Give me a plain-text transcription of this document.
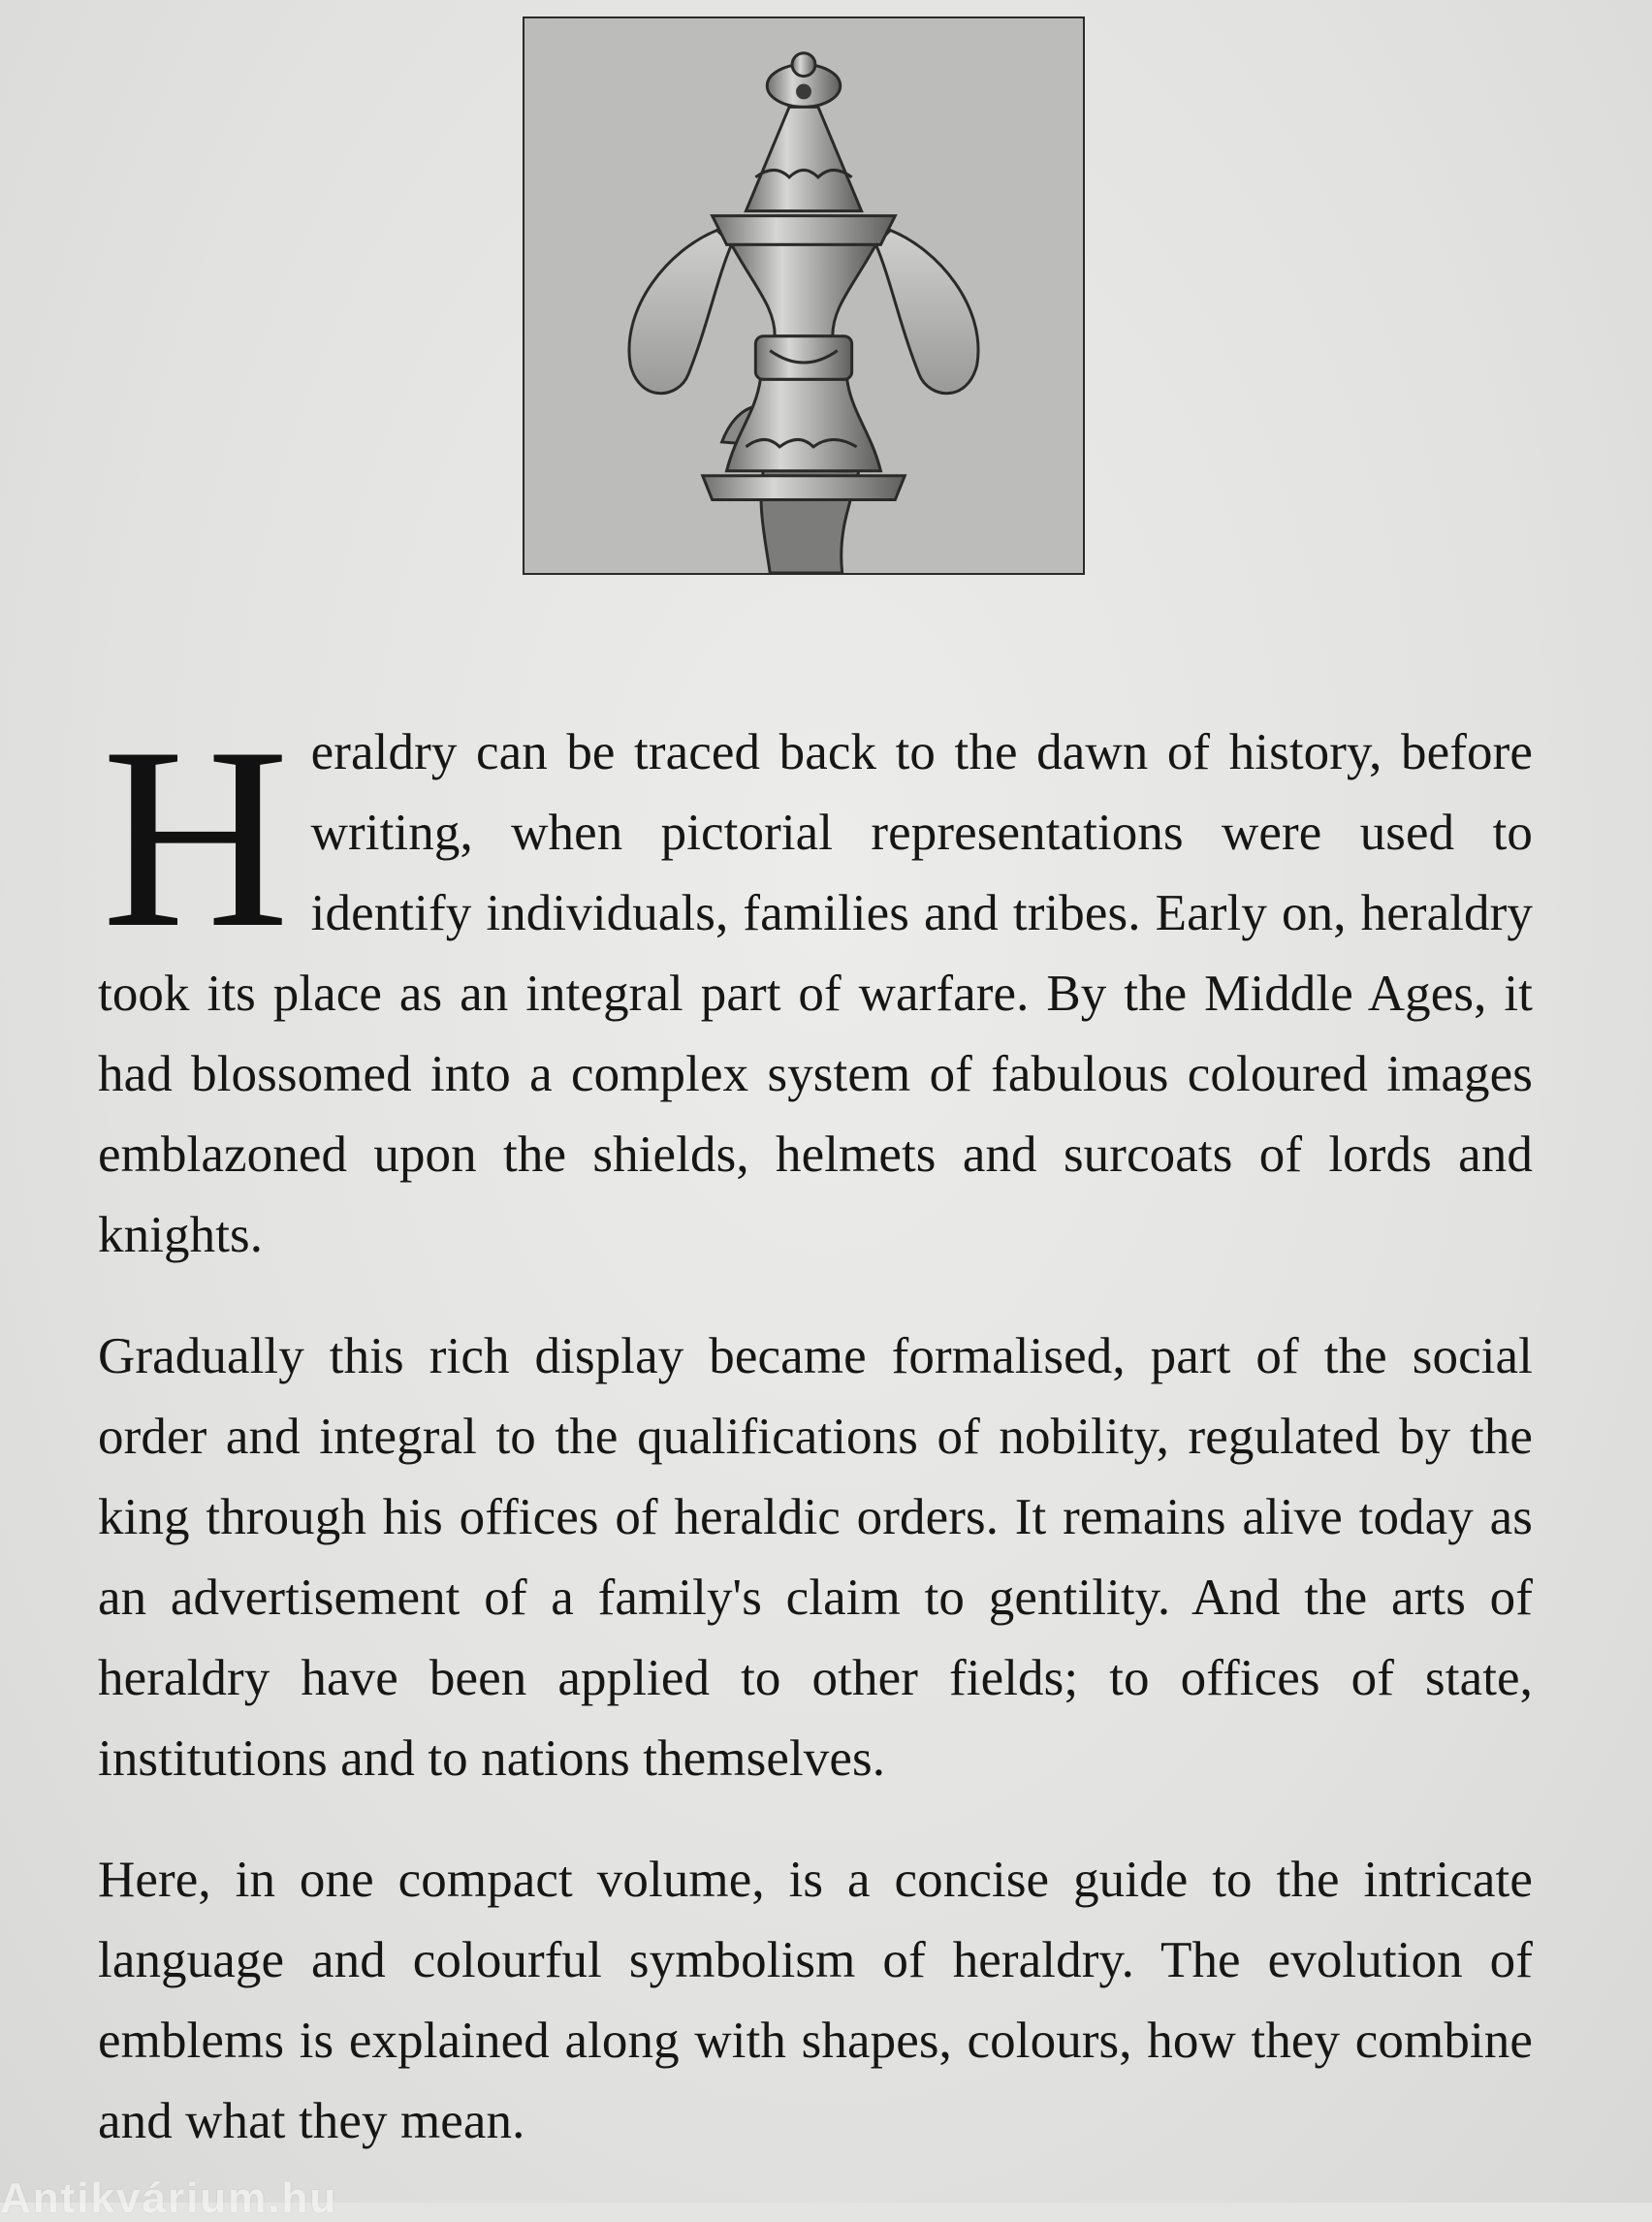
Heraldry can be traced back to the dawn of history, before writing, when pictorial representations were used to identify individuals, families and tribes. Early on, heraldry took its place as an integral part of warfare. By the Middle Ages, it had blossomed into a complex system of fabulous coloured images emblazoned upon the shields, helmets and surcoats of lords and knights.

Gradually this rich display became formalised, part of the social order and integral to the qualifications of nobility, regulated by the king through his offices of heraldic orders. It remains alive today as an advertisement of a family's claim to gentility. And the arts of heraldry have been applied to other fields; to offices of state, institutions and to nations themselves.

Here, in one compact volume, is a concise guide to the intricate language and colourful symbolism of heraldry. The evolution of emblems is explained along with shapes, colours, how they combine and what they mean.

Antikvárium.hu
